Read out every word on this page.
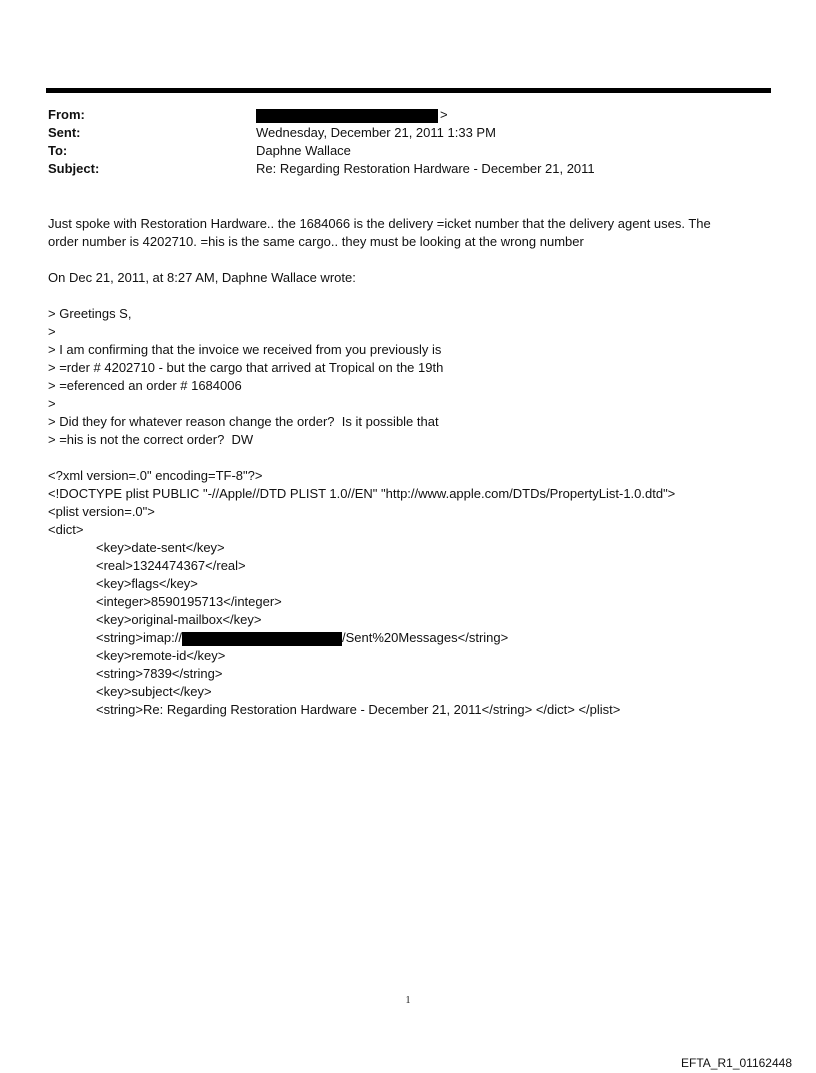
From:	>
Sent:	Wednesday, December 21, 2011 1:33 PM
To:	Daphne Wallace
Subject:	Re: Regarding Restoration Hardware - December 21, 2011
Just spoke with Restoration Hardware.. the 1684066 is the delivery =icket number that the delivery agent uses. The
order number is 4202710. =his is the same cargo.. they must be looking at the wrong number
On Dec 21, 2011, at 8:27 AM, Daphne Wallace wrote:
> Greetings S,
>
> I am confirming that the invoice we received from you previously is
> =rder # 4202710 - but the cargo that arrived at Tropical on the 19th
> =eferenced an order # 1684006
>
> Did they for whatever reason change the order?  Is it possible that
> =his is not the correct order?  DW
<?xml version=.0" encoding=TF-8"?>
<!DOCTYPE plist PUBLIC "-//Apple//DTD PLIST 1.0//EN" "http://www.apple.com/DTDs/PropertyList-1.0.dtd">
<plist version=.0">
<dict>
<key>date-sent</key>
<real>1324474367</real>
<key>flags</key>
<integer>8590195713</integer>
<key>original-mailbox</key>
<string>imap://	/Sent%20Messages</string>
<key>remote-id</key>
<string>7839</string>
<key>subject</key>
<string>Re: Regarding Restoration Hardware - December 21, 2011</string> </dict> </plist>
1
EFTA_R1_01162448
